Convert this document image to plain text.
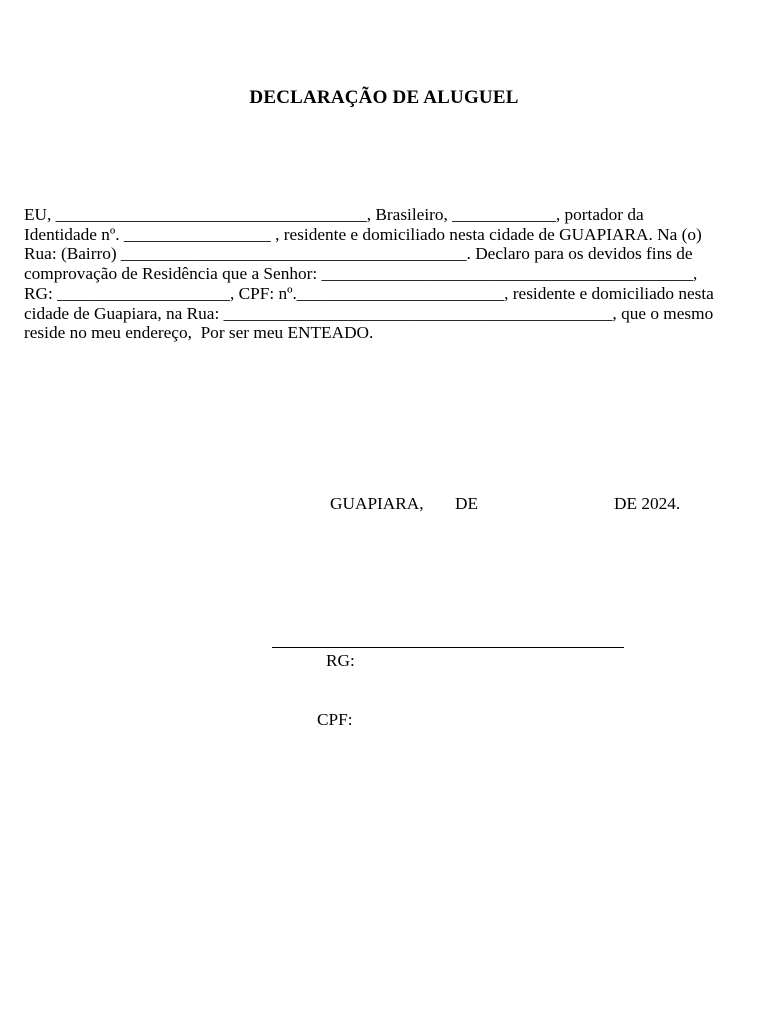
DECLARAÇÃO DE ALUGUEL
EU, ____________________________________, Brasileiro, ____________, portador da
Identidade nº. _________________ , residente e domiciliado nesta cidade de GUAPIARA. Na (o)
Rua: (Bairro) ________________________________________. Declaro para os devidos fins de
comprovação de Residência que a Senhor: ___________________________________________,
RG: ____________________, CPF: nº.________________________, residente e domiciliado nesta
cidade de Guapiara, na Rua: _____________________________________________, que o mesmo
reside no meu endereço,  Por ser meu ENTEADO.
GUAPIARA, DE	DE 2024.
RG:
CPF:
